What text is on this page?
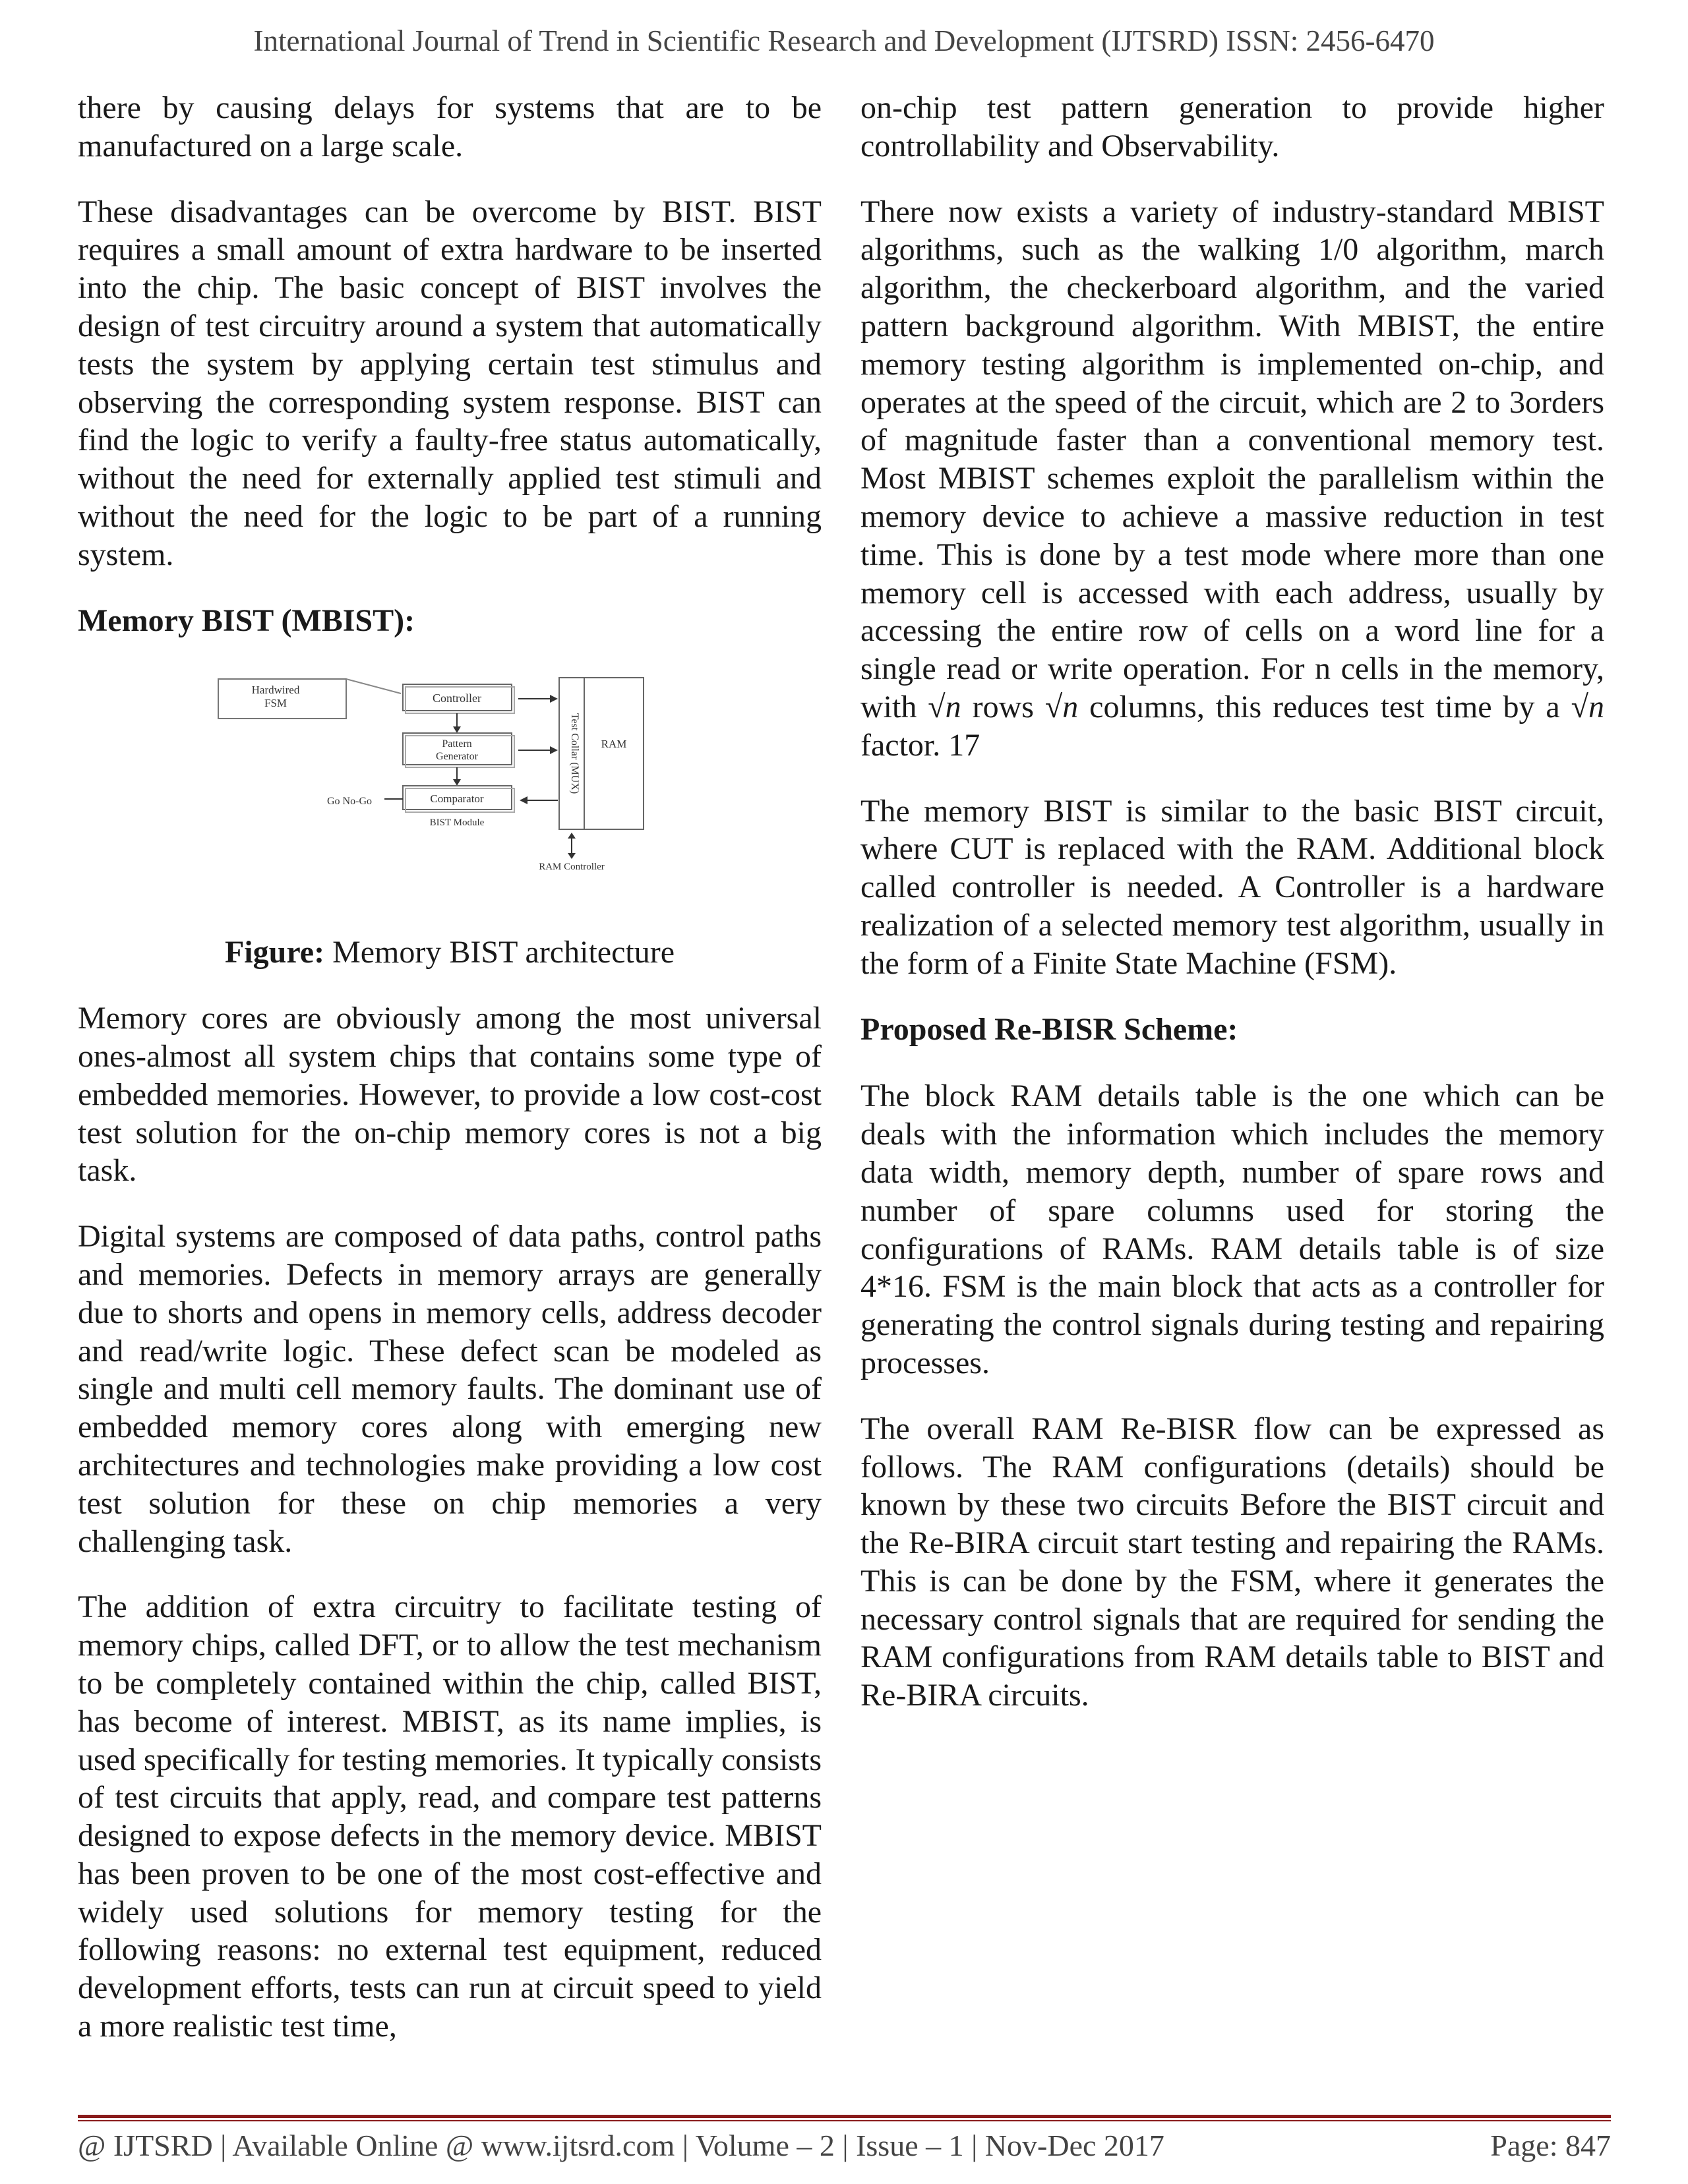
International Journal of Trend in Scientific Research and Development (IJTSRD) ISSN: 2456-6470

there by causing delays for systems that are to be manufactured on a large scale.

These disadvantages can be overcome by BIST. BIST requires a small amount of extra hardware to be inserted into the chip. The basic concept of BIST involves the design of test circuitry around a system that automatically tests the system by applying certain test stimulus and observing the corresponding system response. BIST can find the logic to verify a faulty-free status automatically, without the need for externally applied test stimuli and without the need for the logic to be part of a running system.

Memory BIST (MBIST):
Hardwired
FSM	Controller
Pattern
Generator
Comparator
Go No-Go
BIST Module
Test Collar (MUX) RAM
RAM Controller
Figure: Memory BIST architecture

Memory cores are obviously among the most universal ones-almost all system chips that contains some type of embedded memories. However, to provide a low cost-cost test solution for the on-chip memory cores is not a big task.

Digital systems are composed of data paths, control paths and memories. Defects in memory arrays are generally due to shorts and opens in memory cells, address decoder and read/write logic. These defect scan be modeled as single and multi cell memory faults. The dominant use of embedded memory cores along with emerging new architectures and technologies make providing a low cost test solution for these on chip memories a very challenging task.

The addition of extra circuitry to facilitate testing of memory chips, called DFT, or to allow the test mechanism to be completely contained within the chip, called BIST, has become of interest. MBIST, as its name implies, is used specifically for testing memories. It typically consists of test circuits that apply, read, and compare test patterns designed to expose defects in the memory device. MBIST has been proven to be one of the most cost-effective and widely used solutions for memory testing for the following reasons: no external test equipment, reduced development efforts, tests can run at circuit speed to yield a more realistic test time,

on-chip test pattern generation to provide higher controllability and Observability.

There now exists a variety of industry-standard MBIST algorithms, such as the walking 1/0 algorithm, march algorithm, the checkerboard algorithm, and the varied pattern background algorithm. With MBIST, the entire memory testing algorithm is implemented on-chip, and operates at the speed of the circuit, which are 2 to 3orders of magnitude faster than a conventional memory test. Most MBIST schemes exploit the parallelism within the memory device to achieve a massive reduction in test time. This is done by a test mode where more than one memory cell is accessed with each address, usually by accessing the entire row of cells on a word line for a single read or write operation. For n cells in the memory, with √n rows √n columns, this reduces test time by a √n factor. 17

The memory BIST is similar to the basic BIST circuit, where CUT is replaced with the RAM. Additional block called controller is needed. A Controller is a hardware realization of a selected memory test algorithm, usually in the form of a Finite State Machine (FSM).

Proposed Re-BISR Scheme:

The block RAM details table is the one which can be deals with the information which includes the memory data width, memory depth, number of spare rows and number of spare columns used for storing the configurations of RAMs. RAM details table is of size 4*16. FSM is the main block that acts as a controller for generating the control signals during testing and repairing processes.

The overall RAM Re-BISR flow can be expressed as follows. The RAM configurations (details) should be known by these two circuits Before the BIST circuit and the Re-BIRA circuit start testing and repairing the RAMs. This is can be done by the FSM, where it generates the necessary control signals that are required for sending the RAM configurations from RAM details table to BIST and Re-BIRA circuits.

@ IJTSRD | Available Online @ www.ijtsrd.com | Volume – 2 | Issue – 1 | Nov-Dec 2017	Page: 847
